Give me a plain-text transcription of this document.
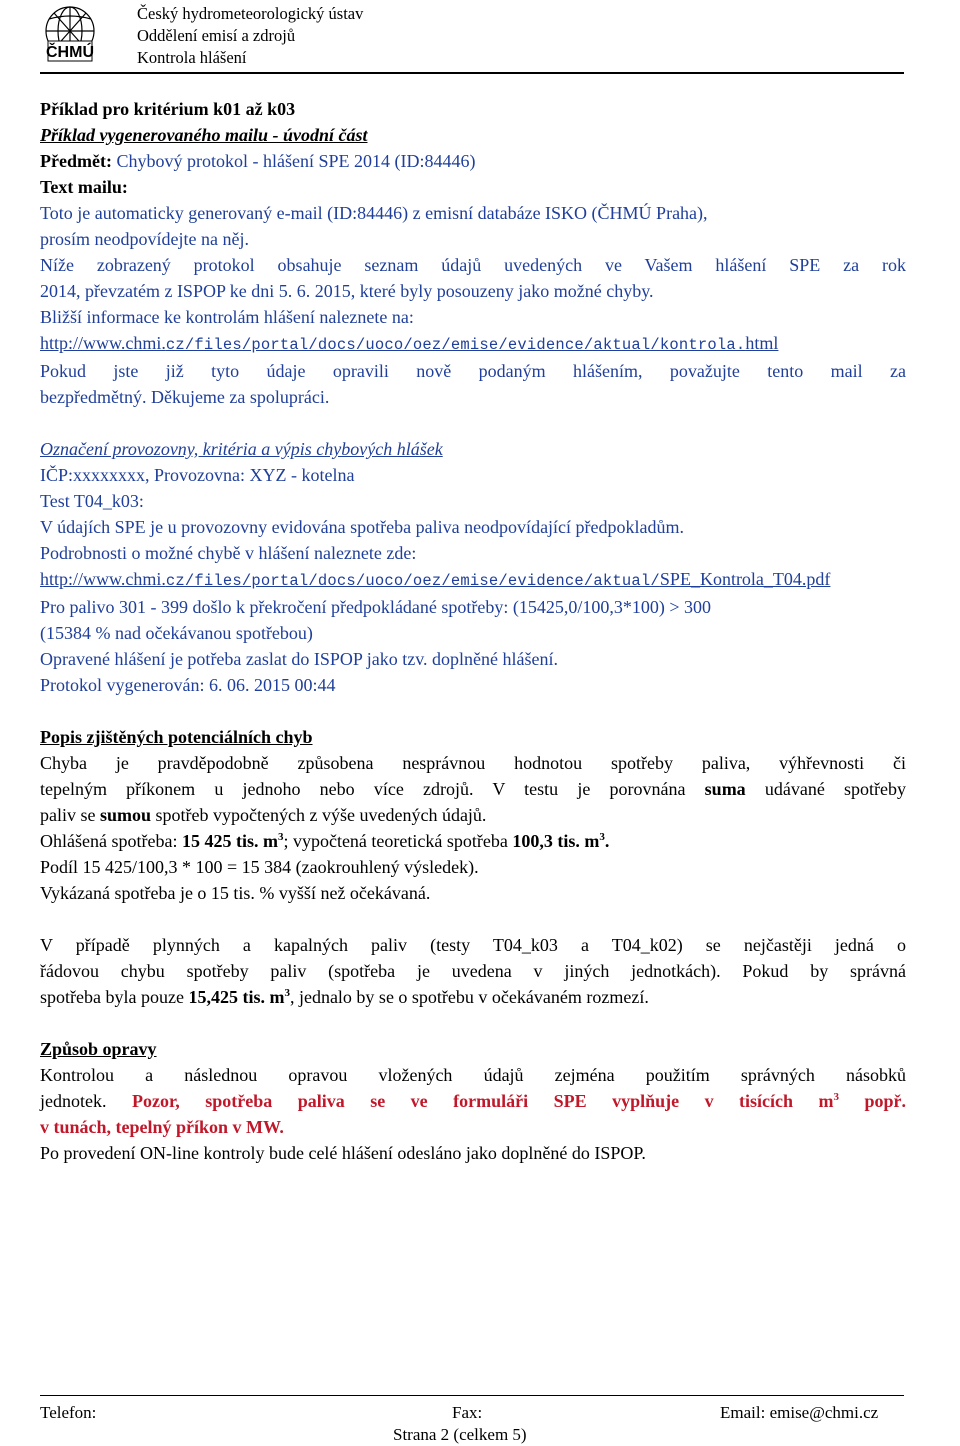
ČHMÚ
Český hydrometeorologický ústav
Oddělení emisí a zdrojů
Kontrola hlášení

Příklad pro kritérium k01 až k03

Příklad vygenerovaného mailu - úvodní část

Předmět: Chybový protokol - hlášení SPE 2014 (ID:84446)

Text mailu:

Toto je automaticky generovaný e-mail (ID:84446) z emisní databáze ISKO (ČHMÚ Praha),

prosím neodpovídejte na něj.

Níže zobrazený protokol obsahuje seznam údajů uvedených ve Vašem hlášení SPE za rok

2014, převzatém z ISPOP ke dni 5. 6. 2015, které byly posouzeny jako možné chyby.

Bližší informace ke kontrolám hlášení naleznete na:

http://www.chmi.cz/files/portal/docs/uoco/oez/emise/evidence/aktual/kontrola.html

Pokud jste již tyto údaje opravili nově podaným hlášením, považujte tento mail za

bezpředmětný. Děkujeme za spolupráci.

Označení provozovny, kritéria a výpis chybových hlášek

IČP:xxxxxxxx, Provozovna: XYZ - kotelna

Test T04_k03:

V údajích SPE je u provozovny evidována spotřeba paliva neodpovídající předpokladům.

Podrobnosti o možné chybě v hlášení naleznete zde:

http://www.chmi.cz/files/portal/docs/uoco/oez/emise/evidence/aktual/SPE_Kontrola_T04.pdf

Pro palivo 301 - 399 došlo k překročení předpokládané spotřeby: (15425,0/100,3*100) > 300

(15384 % nad očekávanou spotřebou)

Opravené hlášení je potřeba zaslat do ISPOP jako tzv. doplněné hlášení.

Protokol vygenerován: 6. 06. 2015 00:44

Popis zjištěných potenciálních chyb

Chyba je pravděpodobně způsobena nesprávnou hodnotou spotřeby paliva, výhřevnosti či

tepelným příkonem u jednoho nebo více zdrojů. V testu je porovnána suma udávané spotřeby

paliv se sumou spotřeb vypočtených z výše uvedených údajů.

Ohlášená spotřeba: 15 425 tis. $m^3$; vypočtená teoretická spotřeba 100,3 tis. $m^3$.

Podíl 15 425/100,3 * 100 = 15 384 (zaokrouhlený výsledek).

Vykázaná spotřeba je o 15 tis. % vyšší než očekávaná.

V případě plynných a kapalných paliv (testy T04_k03 a T04_k02) se nejčastěji jedná o

řádovou chybu spotřeby paliv (spotřeba je uvedena v jiných jednotkách). Pokud by správná

spotřeba byla pouze 15,425 tis. $m^3$, jednalo by se o spotřebu v očekávaném rozmezí.

Způsob opravy

Kontrolou a následnou opravou vložených údajů zejména použitím správných násobků

jednotek. Pozor, spotřeba paliva se ve formuláři SPE vyplňuje v tisících $m^3$ popř.

v tunách, tepelný příkon v MW.

Po provedení ON-line kontroly bude celé hlášení odesláno jako doplněné do ISPOP.

Telefon:	Fax:	Email: emise@chmi.cz
Strana 2 (celkem 5)
